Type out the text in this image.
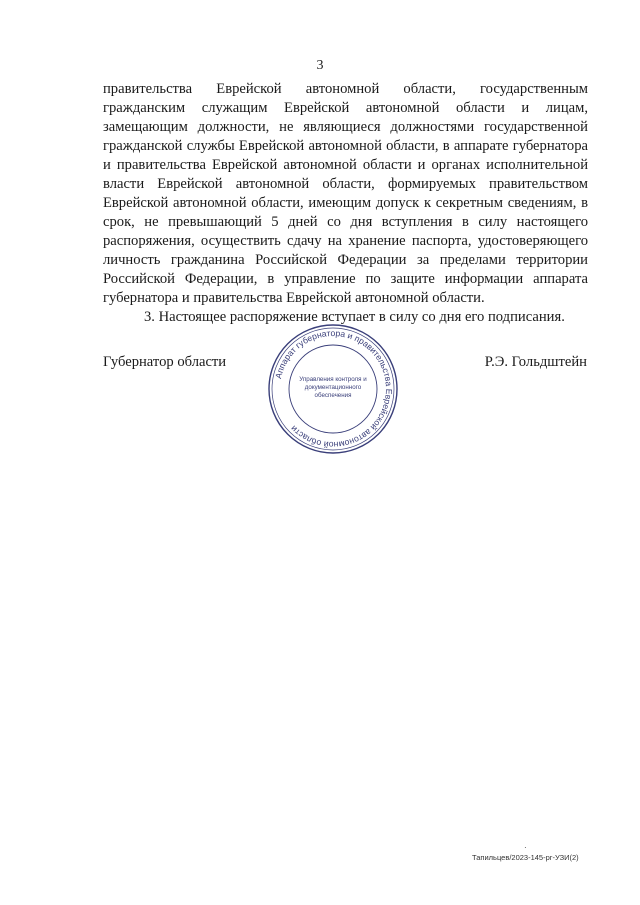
3

правительства Еврейской автономной области, государственным гражданским служащим Еврейской автономной области и лицам, замещающим должности, не являющиеся должностями государственной гражданской службы Еврейской автономной области, в аппарате губернатора и правительства Еврейской автономной области и органах исполнительной власти Еврейской автономной области, формируемых правительством Еврейской автономной области, имеющим допуск к секретным сведениям, в срок, не превышающий 5 дней со дня вступления в силу настоящего распоряжения, осуществить сдачу на хранение паспорта, удостоверяющего личность гражданина Российской Федерации за пределами территории Российской Федерации, в управление по защите информации аппарата губернатора и правительства Еврейской автономной области.

3. Настоящее распоряжение вступает в силу со дня его подписания.

Губернатор области	Р.Э. Гольдштейн
Аппарат губернатора и правительства Еврейской автономной области
Управления контроля и
документационного
обеспечения
·
Тапильцев/2023-145-рг-УЗИ(2)
